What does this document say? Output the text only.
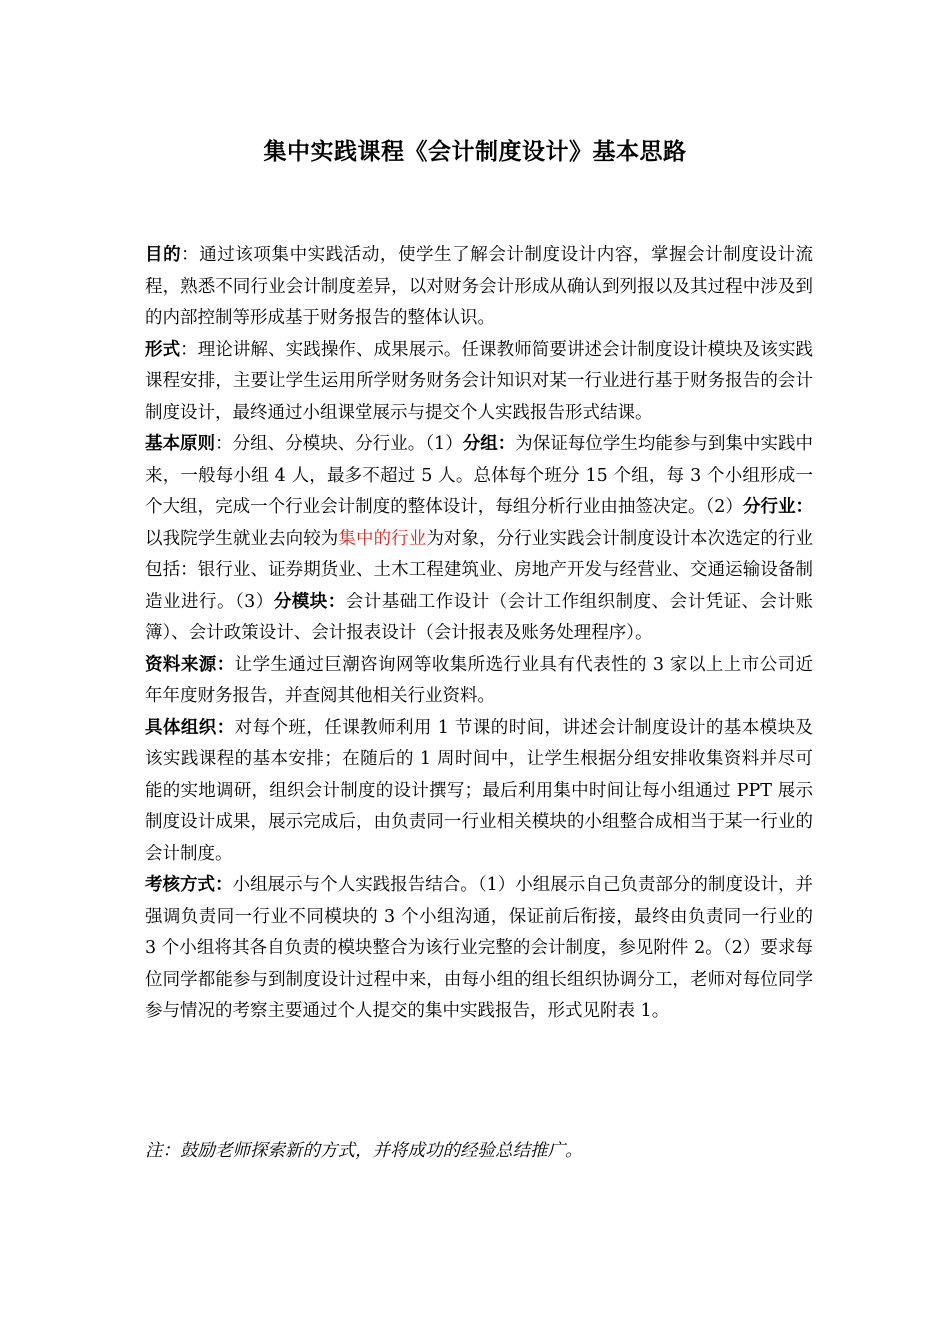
集中实践课程《会计制度设计》基本思路

目的：通过该项集中实践活动，使学生了解会计制度设计内容，掌握会计制度设计流程，熟悉不同行业会计制度差异，以对财务会计形成从确认到列报以及其过程中涉及到的内部控制等形成基于财务报告的整体认识。

形式：理论讲解、实践操作、成果展示。任课教师简要讲述会计制度设计模块及该实践课程安排，主要让学生运用所学财务财务会计知识对某一行业进行基于财务报告的会计制度设计，最终通过小组课堂展示与提交个人实践报告形式结课。

基本原则：分组、分模块、分行业。（1）分组：为保证每位学生均能参与到集中实践中来，一般每小组 4 人，最多不超过 5 人。总体每个班分 15 个组，每 3 个小组形成一个大组，完成一个行业会计制度的整体设计，每组分析行业由抽签决定。（2）分行业：以我院学生就业去向较为集中的行业为对象，分行业实践会计制度设计本次选定的行业包括：银行业、证券期货业、土木工程建筑业、房地产开发与经营业、交通运输设备制造业进行。（3）分模块：会计基础工作设计（会计工作组织制度、会计凭证、会计账簿）、会计政策设计、会计报表设计（会计报表及账务处理程序）。

资料来源：让学生通过巨潮咨询网等收集所选行业具有代表性的 3 家以上上市公司近年年度财务报告，并查阅其他相关行业资料。

具体组织：对每个班，任课教师利用 1 节课的时间，讲述会计制度设计的基本模块及该实践课程的基本安排；在随后的 1 周时间中，让学生根据分组安排收集资料并尽可能的实地调研，组织会计制度的设计撰写；最后利用集中时间让每小组通过 PPT 展示制度设计成果，展示完成后，由负责同一行业相关模块的小组整合成相当于某一行业的会计制度。

考核方式：小组展示与个人实践报告结合。（1）小组展示自己负责部分的制度设计，并强调负责同一行业不同模块的 3 个小组沟通，保证前后衔接，最终由负责同一行业的 3 个小组将其各自负责的模块整合为该行业完整的会计制度，参见附件 2。（2）要求每位同学都能参与到制度设计过程中来，由每小组的组长组织协调分工，老师对每位同学参与情况的考察主要通过个人提交的集中实践报告，形式见附表 1。

注：鼓励老师探索新的方式，并将成功的经验总结推广。
